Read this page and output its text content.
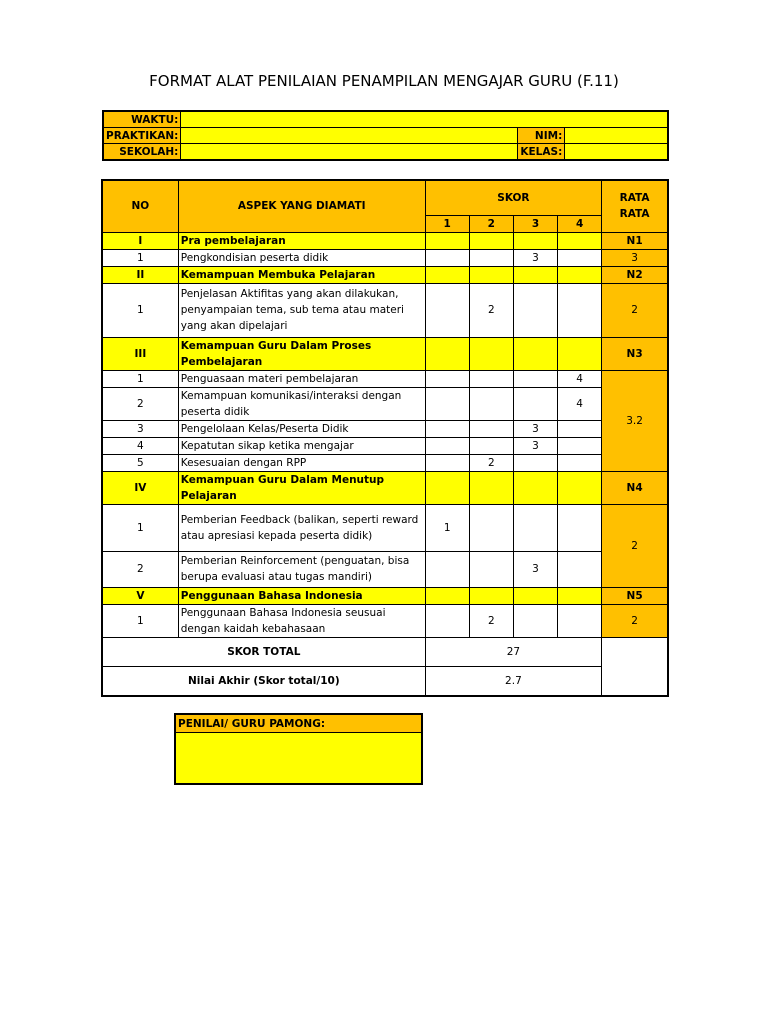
FORMAT ALAT PENILAIAN PENAMPILAN MENGAJAR GURU (F.11)
WAKTU:			
PRAKTIKAN:		NIM:	
SEKOLAH:		KELAS:	
NO	ASPEK YANG DIAMATI	SKOR				RATA RATA
		1	2	3	4	
I	Pra pembelajaran					N1
1	Pengkondisian peserta didik			3		3
II	Kemampuan Membuka Pelajaran					N2
1	Penjelasan Aktifitas yang akan dilakukan, penyampaian tema, sub tema atau materi yang akan dipelajari		2			2
III	Kemampuan Guru Dalam Proses Pembelajaran					N3
1	Penguasaan materi pembelajaran				4	3.2
2	Kemampuan komunikasi/interaksi dengan peserta didik				4	
3	Pengelolaan Kelas/Peserta Didik			3		
4	Kepatutan sikap ketika mengajar			3		
5	Kesesuaian dengan RPP		2			
IV	Kemampuan Guru Dalam Menutup Pelajaran					N4
1	Pemberian Feedback (balikan, seperti reward atau apresiasi kepada peserta didik)	1				2
2	Pemberian Reinforcement (penguatan, bisa berupa evaluasi atau tugas mandiri)			3		
V	Penggunaan Bahasa Indonesia					N5
1	Penggunaan Bahasa Indonesia seusuai dengan kaidah kebahasaan		2			2
SKOR TOTAL		27				
Nilai Akhir (Skor total/10)		2.7				
PENILAI/ GURU PAMONG:
